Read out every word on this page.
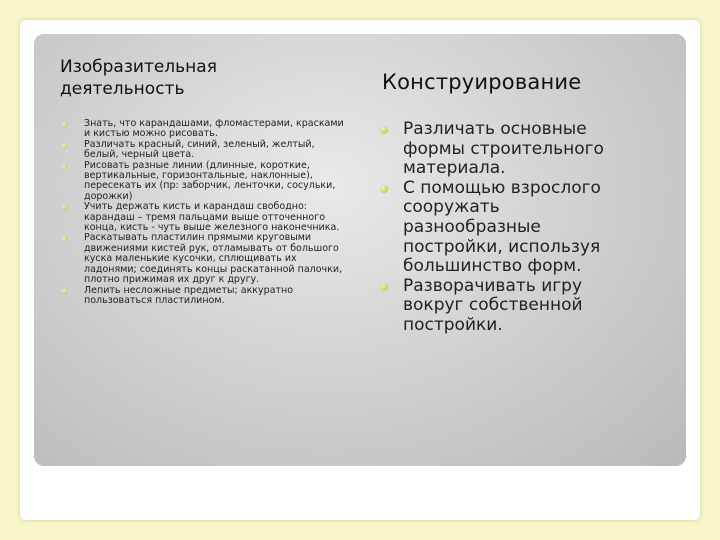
Изобразительная деятельность	Конструирование
Знать, что карандашами, фломастерами, красками и кистью можно рисовать.
Различать красный, синий, зеленый, желтый, белый, черный цвета.
Рисовать разные линии (длинные, короткие, вертикальные, горизонтальные, наклонные), пересекать их (пр: заборчик, ленточки, сосульки, дорожки)
Учить держать кисть и карандаш свободно: карандаш – тремя пальцами выше отточенного конца, кисть - чуть выше железного наконечника.
Раскатывать пластилин прямыми круговыми движениями кистей рук, отламывать от большого куска маленькие кусочки, сплющивать их ладонями; соединять концы раскатанной палочки, плотно прижимая их друг к другу.
Лепить несложные предметы; аккуратно пользоваться пластилином.
Различать основные формы строительного материала.
С помощью взрослого сооружать разнообразные постройки, используя большинство форм.
Разворачивать игру вокруг собственной постройки.
